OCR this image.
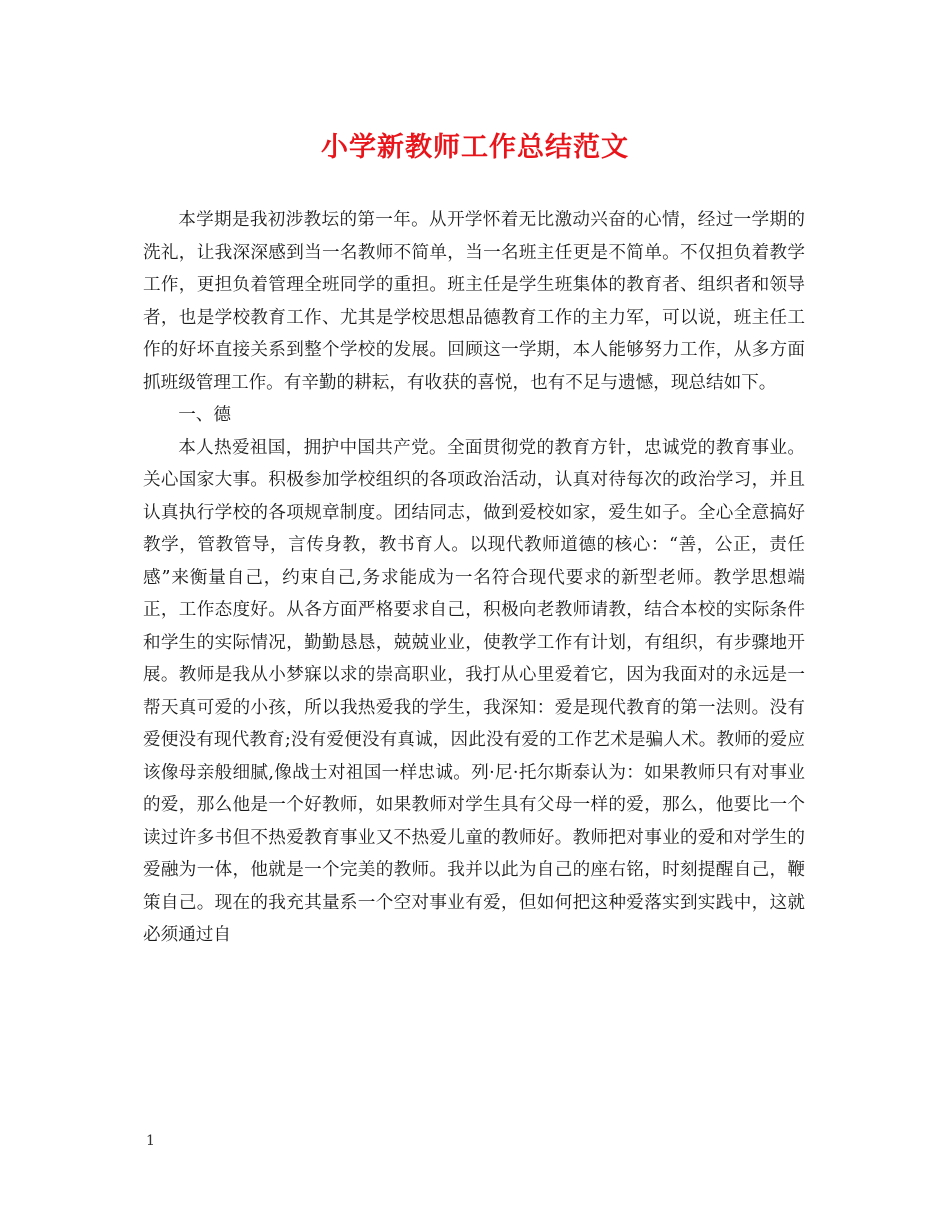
小学新教师工作总结范文

本学期是我初涉教坛的第一年。从开学怀着无比激动兴奋的心情，经过一学期的洗礼，让我深深感到当一名教师不简单，当一名班主任更是不简单。不仅担负着教学工作，更担负着管理全班同学的重担。班主任是学生班集体的教育者、组织者和领导者，也是学校教育工作、尤其是学校思想品德教育工作的主力军，可以说，班主任工作的好坏直接关系到整个学校的发展。回顾这一学期，本人能够努力工作，从多方面抓班级管理工作。有辛勤的耕耘，有收获的喜悦，也有不足与遗憾，现总结如下。

一、德

本人热爱祖国，拥护中国共产党。全面贯彻党的教育方针，忠诚党的教育事业。关心国家大事。积极参加学校组织的各项政治活动，认真对待每次的政治学习，并且认真执行学校的各项规章制度。团结同志，做到爱校如家，爱生如子。全心全意搞好教学，管教管导，言传身教，教书育人。以现代教师道德的核心：“善，公正，责任感”来衡量自己，约束自己,务求能成为一名符合现代要求的新型老师。教学思想端正，工作态度好。从各方面严格要求自己，积极向老教师请教，结合本校的实际条件和学生的实际情况，勤勤恳恳，兢兢业业，使教学工作有计划，有组织，有步骤地开展。教师是我从小梦寐以求的崇高职业，我打从心里爱着它，因为我面对的永远是一帮天真可爱的小孩，所以我热爱我的学生，我深知：爱是现代教育的第一法则。没有爱便没有现代教育;没有爱便没有真诚，因此没有爱的工作艺术是骗人术。教师的爱应该像母亲般细腻,像战士对祖国一样忠诚。列·尼·托尔斯泰认为：如果教师只有对事业的爱，那么他是一个好教师，如果教师对学生具有父母一样的爱，那么，他要比一个读过许多书但不热爱教育事业又不热爱儿童的教师好。教师把对事业的爱和对学生的爱融为一体，他就是一个完美的教师。我并以此为自己的座右铭，时刻提醒自己，鞭策自己。现在的我充其量系一个空对事业有爱，但如何把这种爱落实到实践中，这就必须通过自

1
